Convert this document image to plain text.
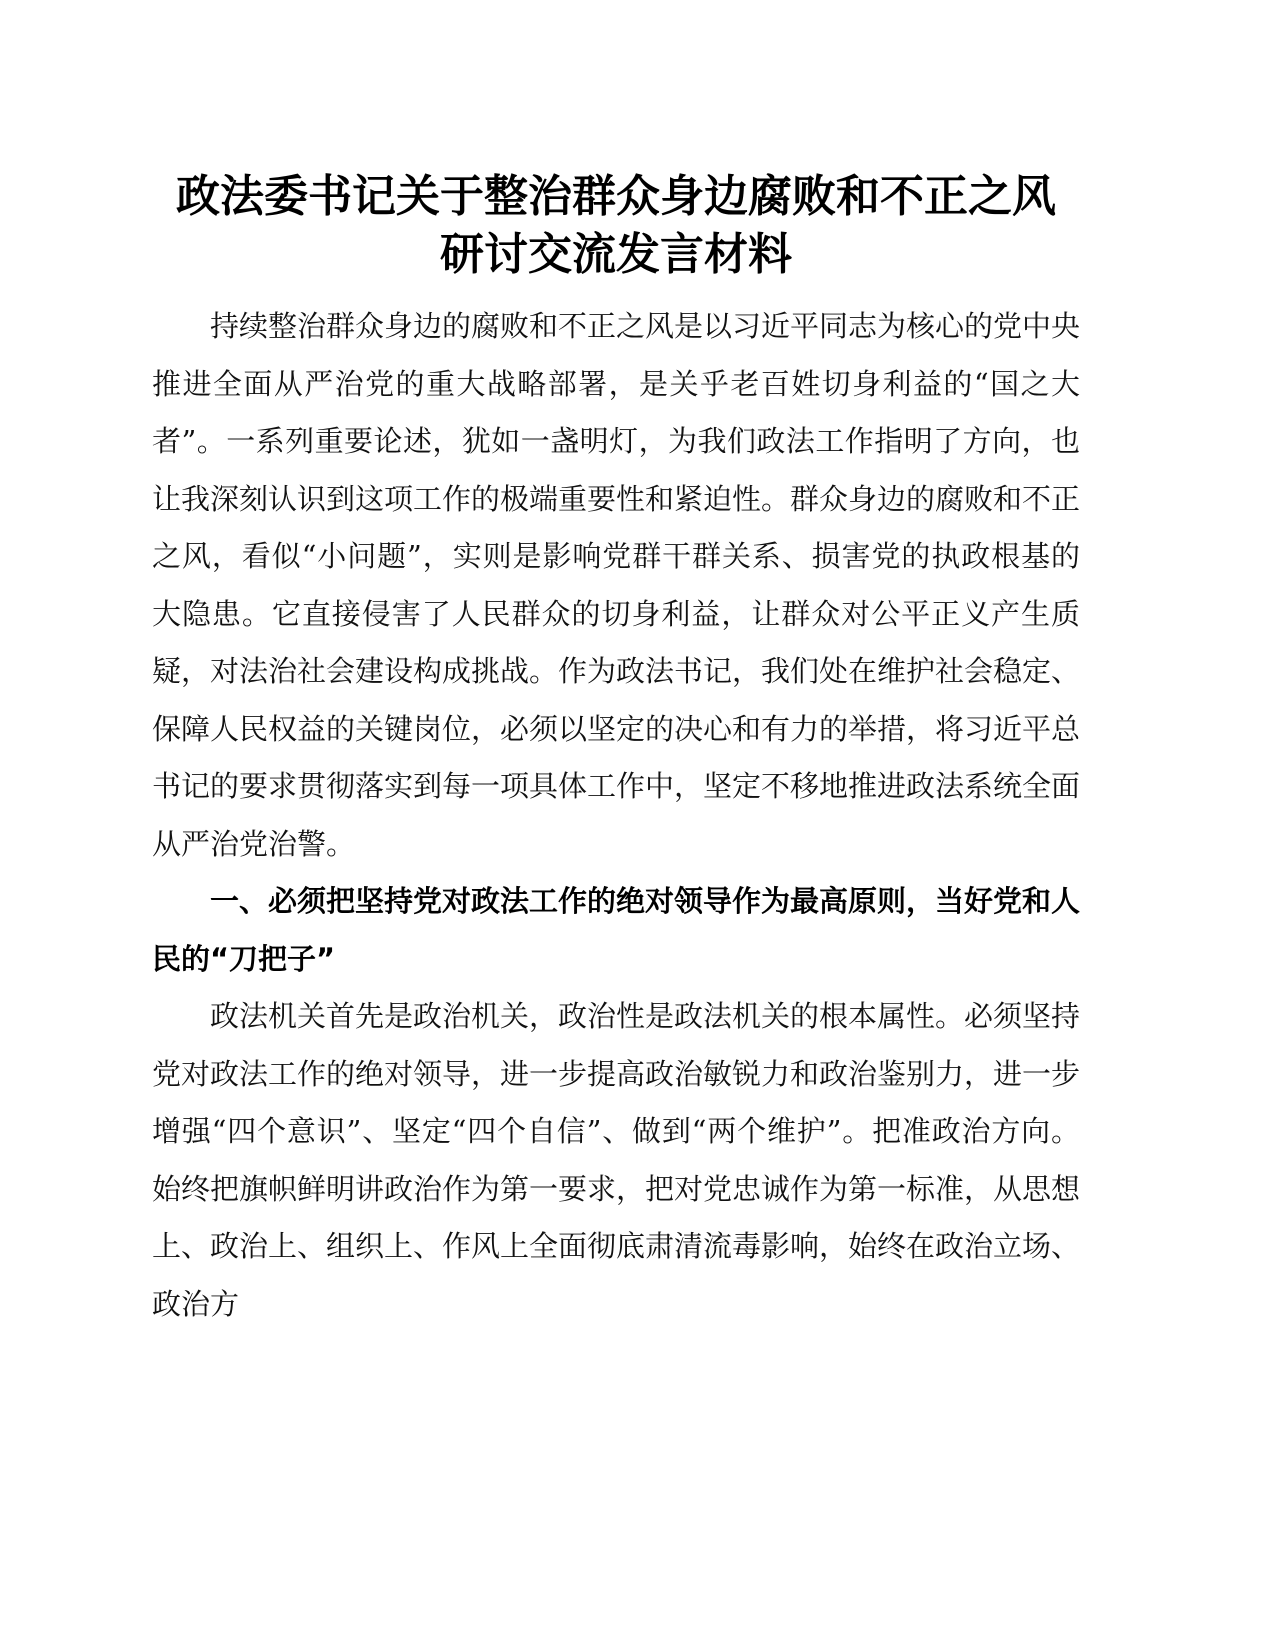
政法委书记关于整治群众身边腐败和不正之风
研讨交流发言材料

持续整治群众身边的腐败和不正之风是以习近平同志为核心的党中央推进全面从严治党的重大战略部署，是关乎老百姓切身利益的“国之大者”。一系列重要论述，犹如一盏明灯，为我们政法工作指明了方向，也让我深刻认识到这项工作的极端重要性和紧迫性。群众身边的腐败和不正之风，看似“小问题”，实则是影响党群干群关系、损害党的执政根基的大隐患。它直接侵害了人民群众的切身利益，让群众对公平正义产生质疑，对法治社会建设构成挑战。作为政法书记，我们处在维护社会稳定、保障人民权益的关键岗位，必须以坚定的决心和有力的举措，将习近平总书记的要求贯彻落实到每一项具体工作中，坚定不移地推进政法系统全面从严治党治警。

一、必须把坚持党对政法工作的绝对领导作为最高原则，当好党和人民的“刀把子”

政法机关首先是政治机关，政治性是政法机关的根本属性。必须坚持党对政法工作的绝对领导，进一步提高政治敏锐力和政治鉴别力，进一步增强“四个意识”、坚定“四个自信”、做到“两个维护”。把准政治方向。始终把旗帜鲜明讲政治作为第一要求，把对党忠诚作为第一标准，从思想上、政治上、组织上、作风上全面彻底肃清流毒影响，始终在政治立场、政治方
